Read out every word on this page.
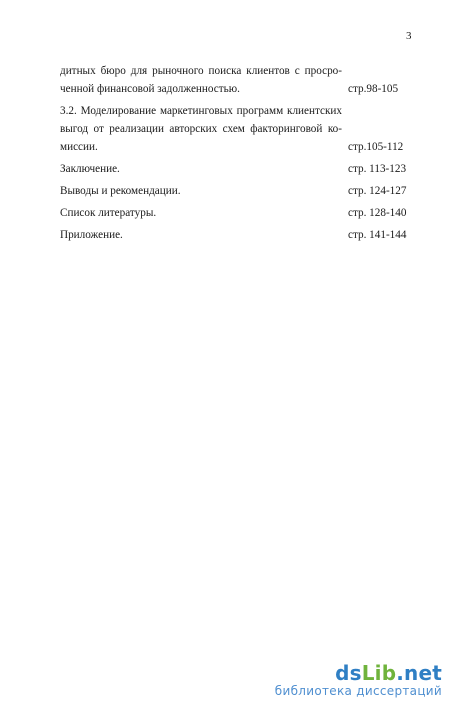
3
дитных бюро для рыночного поиска клиентов с просро-
ченной финансовой задолженностью.	стр.98-105
3.2. Моделирование маркетинговых программ клиентских
выгод от реализации авторских схем факторинговой ко-
миссии.	стр.105-112
Заключение.	стр. 113-123
Выводы и рекомендации.	стр. 124-127
Список литературы.	стр. 128-140
Приложение.	стр. 141-144
dsLib.net
библиотека диссертаций
